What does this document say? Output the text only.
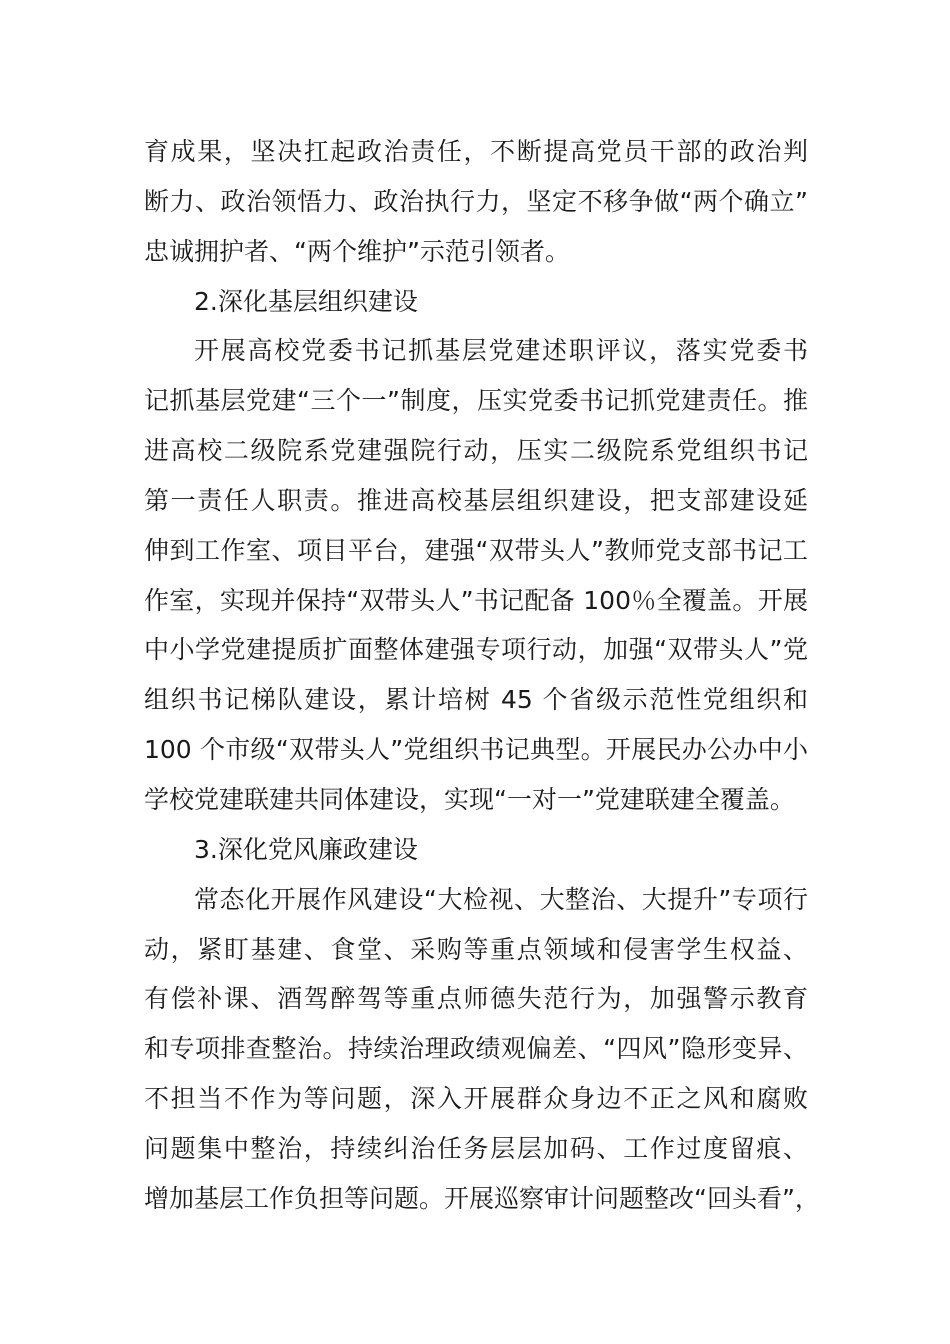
育成果，坚决扛起政治责任，不断提高党员干部的政治判
断力、政治领悟力、政治执行力，坚定不移争做“两个确立”
忠诚拥护者、“两个维护”示范引领者。
2.深化基层组织建设
开展高校党委书记抓基层党建述职评议，落实党委书
记抓基层党建“三个一”制度，压实党委书记抓党建责任。推
进高校二级院系党建强院行动，压实二级院系党组织书记
第一责任人职责。推进高校基层组织建设，把支部建设延
伸到工作室、项目平台，建强“双带头人”教师党支部书记工
作室，实现并保持“双带头人”书记配备 100％全覆盖。开展
中小学党建提质扩面整体建强专项行动，加强“双带头人”党
组织书记梯队建设，累计培树 45 个省级示范性党组织和
100 个市级“双带头人”党组织书记典型。开展民办公办中小
学校党建联建共同体建设，实现“一对一”党建联建全覆盖。
3.深化党风廉政建设
常态化开展作风建设“大检视、大整治、大提升”专项行
动，紧盯基建、食堂、采购等重点领域和侵害学生权益、
有偿补课、酒驾醉驾等重点师德失范行为，加强警示教育
和专项排查整治。持续治理政绩观偏差、“四风”隐形变异、
不担当不作为等问题，深入开展群众身边不正之风和腐败
问题集中整治，持续纠治任务层层加码、工作过度留痕、
增加基层工作负担等问题。开展巡察审计问题整改“回头看”，
